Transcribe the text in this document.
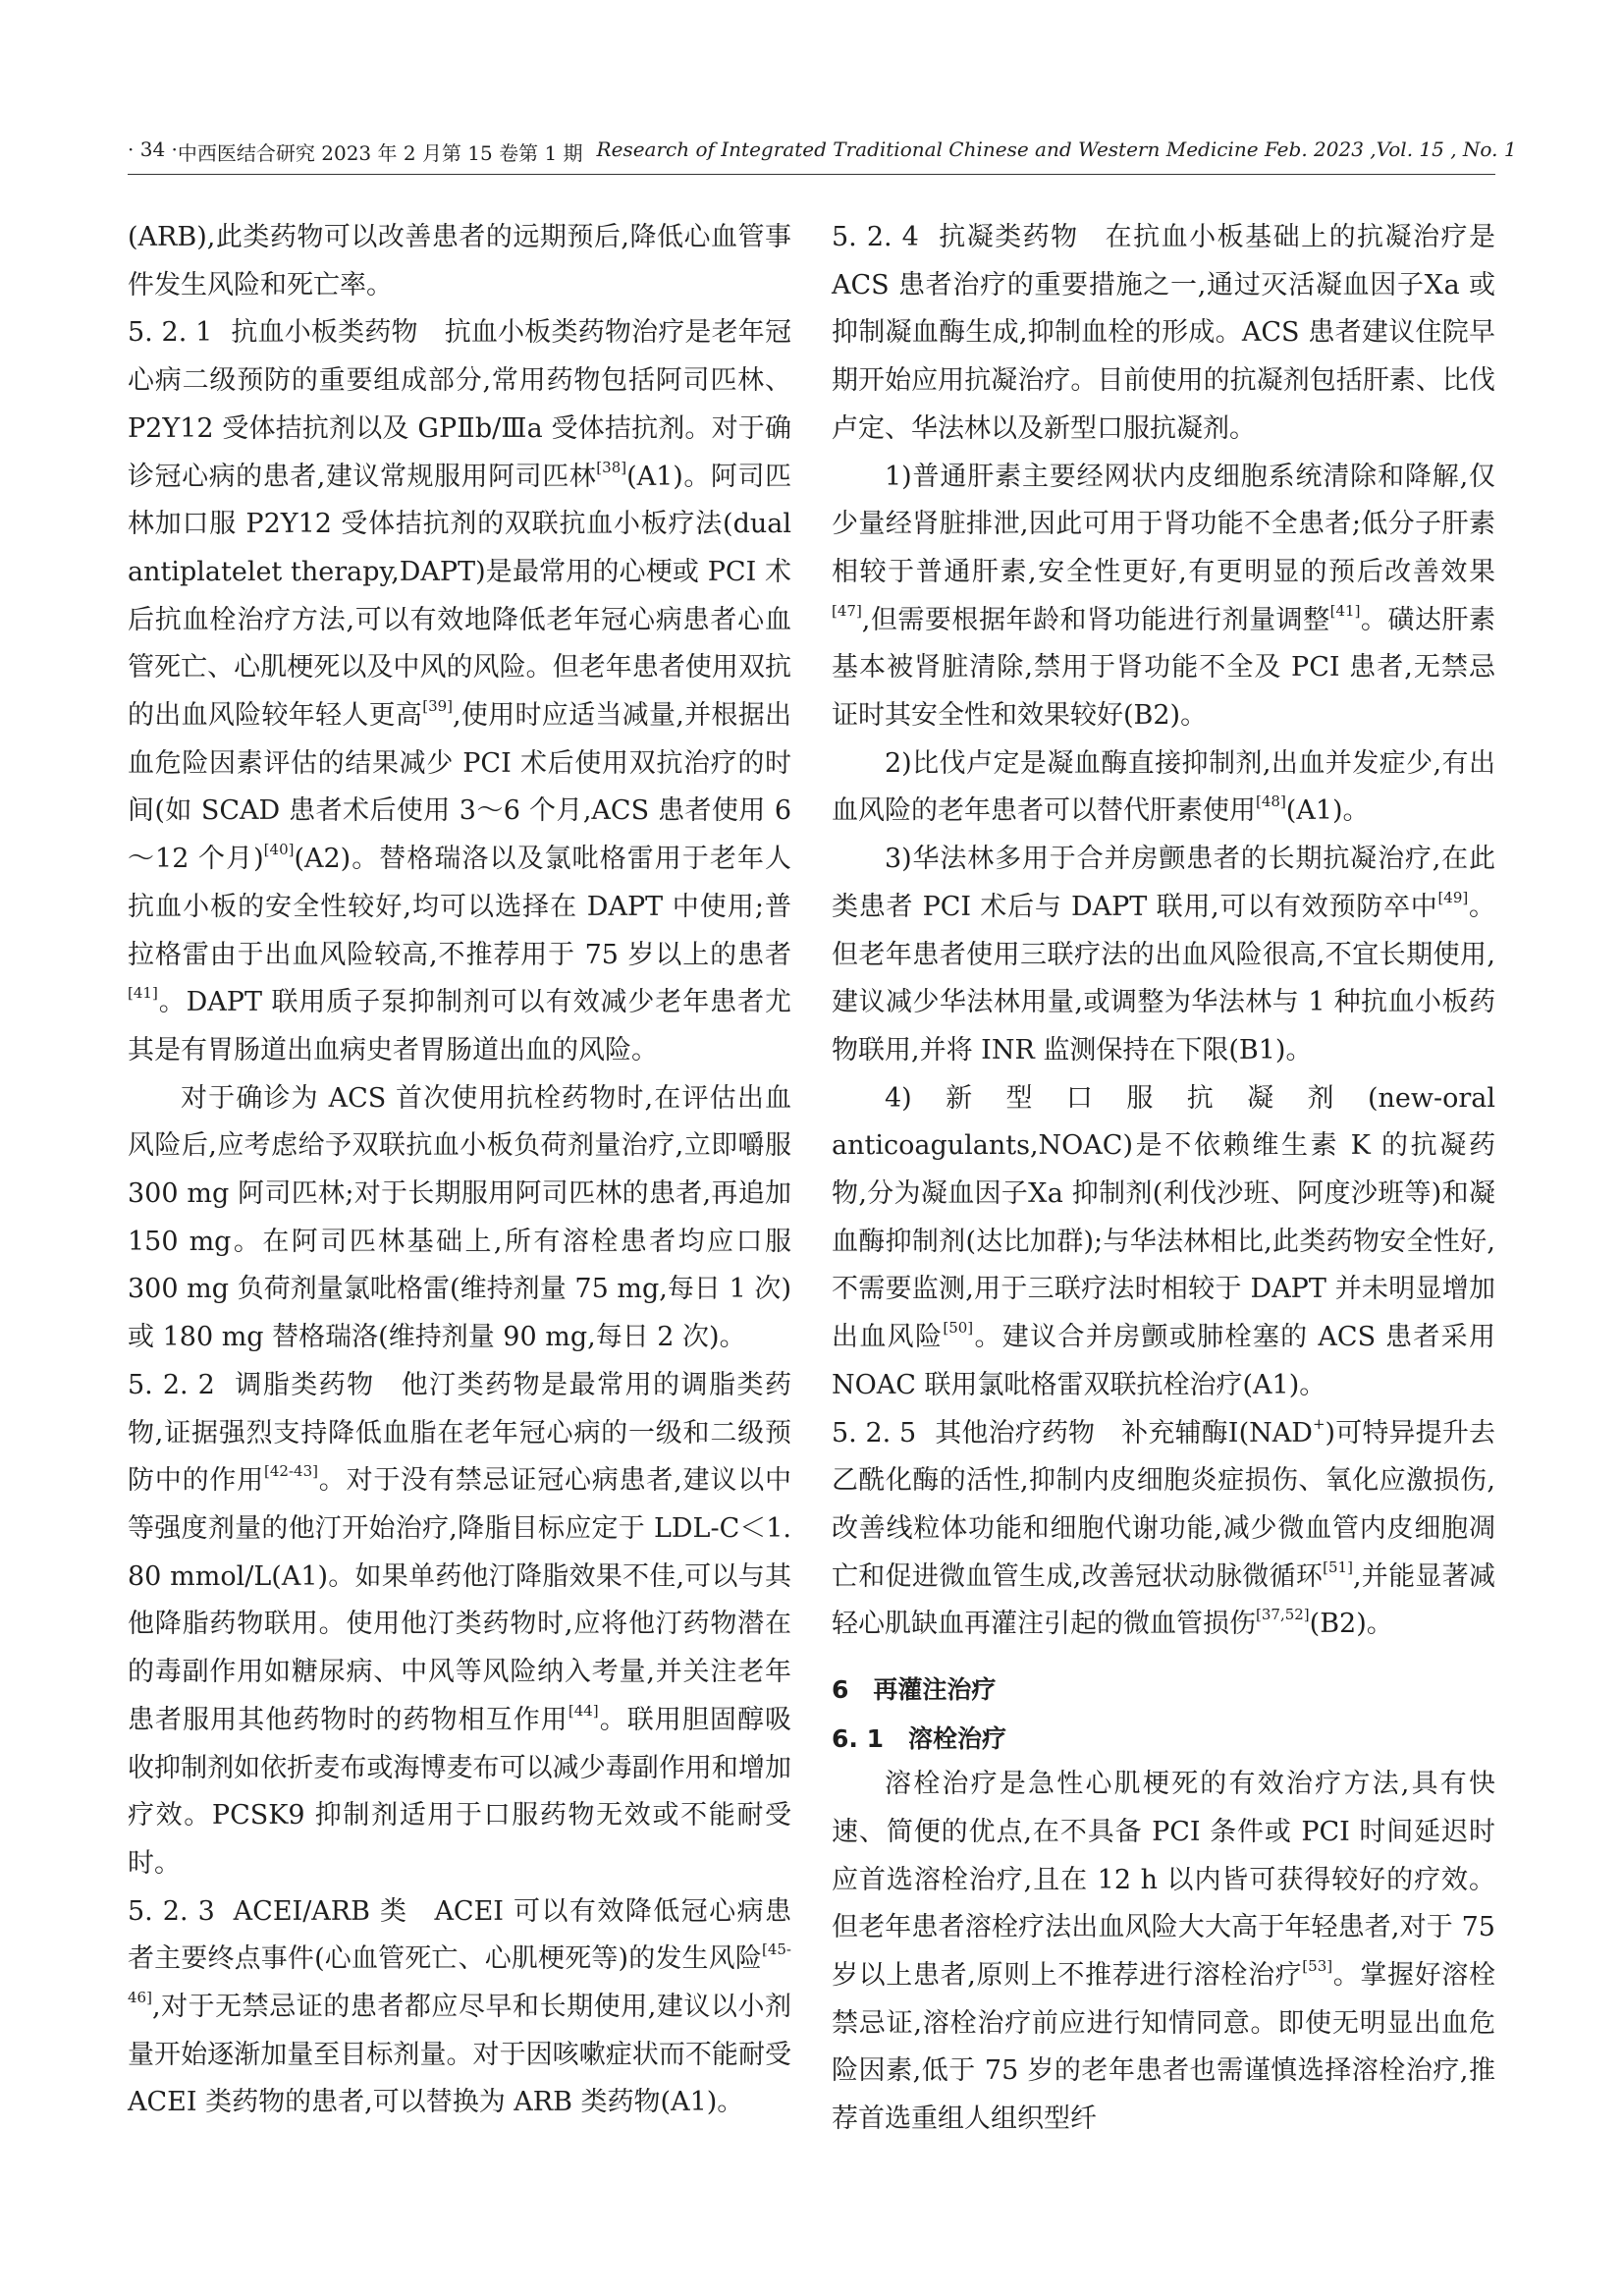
· 34 · 中西医结合研究 2023 年 2 月第 15 卷第 1 期 Research of Integrated Traditional Chinese and Western Medicine Feb. 2023 ,Vol. 15 , No. 1

(ARB),此类药物可以改善患者的远期预后,降低心血管事件发生风险和死亡率。

5. 2. 1 抗血小板类药物 抗血小板类药物治疗是老年冠心病二级预防的重要组成部分,常用药物包括阿司匹林、P2Y12 受体拮抗剂以及 GPⅡb/Ⅲa 受体拮抗剂。对于确诊冠心病的患者,建议常规服用阿司匹林[38](A1)。阿司匹林加口服 P2Y12 受体拮抗剂的双联抗血小板疗法(dual antiplatelet therapy,DAPT)是最常用的心梗或 PCI 术后抗血栓治疗方法,可以有效地降低老年冠心病患者心血管死亡、心肌梗死以及中风的风险。但老年患者使用双抗的出血风险较年轻人更高[39],使用时应适当减量,并根据出血危险因素评估的结果减少 PCI 术后使用双抗治疗的时间(如 SCAD 患者术后使用 3～6 个月,ACS 患者使用 6～12 个月)[40](A2)。替格瑞洛以及氯吡格雷用于老年人抗血小板的安全性较好,均可以选择在 DAPT 中使用;普拉格雷由于出血风险较高,不推荐用于 75 岁以上的患者[41]。DAPT 联用质子泵抑制剂可以有效减少老年患者尤其是有胃肠道出血病史者胃肠道出血的风险。

对于确诊为 ACS 首次使用抗栓药物时,在评估出血风险后,应考虑给予双联抗血小板负荷剂量治疗,立即嚼服 300 mg 阿司匹林;对于长期服用阿司匹林的患者,再追加 150 mg。在阿司匹林基础上,所有溶栓患者均应口服 300 mg 负荷剂量氯吡格雷(维持剂量 75 mg,每日 1 次)或 180 mg 替格瑞洛(维持剂量 90 mg,每日 2 次)。

5. 2. 2 调脂类药物 他汀类药物是最常用的调脂类药物,证据强烈支持降低血脂在老年冠心病的一级和二级预防中的作用[42-43]。对于没有禁忌证冠心病患者,建议以中等强度剂量的他汀开始治疗,降脂目标应定于 LDL-C＜1. 80 mmol/L(A1)。如果单药他汀降脂效果不佳,可以与其他降脂药物联用。使用他汀类药物时,应将他汀药物潜在的毒副作用如糖尿病、中风等风险纳入考量,并关注老年患者服用其他药物时的药物相互作用[44]。联用胆固醇吸收抑制剂如依折麦布或海博麦布可以减少毒副作用和增加疗效。PCSK9 抑制剂适用于口服药物无效或不能耐受时。

5. 2. 3 ACEI/ARB 类 ACEI 可以有效降低冠心病患者主要终点事件(心血管死亡、心肌梗死等)的发生风险[45-46],对于无禁忌证的患者都应尽早和长期使用,建议以小剂量开始逐渐加量至目标剂量。对于因咳嗽症状而不能耐受 ACEI 类药物的患者,可以替换为 ARB 类药物(A1)。

5. 2. 4 抗凝类药物 在抗血小板基础上的抗凝治疗是 ACS 患者治疗的重要措施之一,通过灭活凝血因子Ⅹa 或抑制凝血酶生成,抑制血栓的形成。ACS 患者建议住院早期开始应用抗凝治疗。目前使用的抗凝剂包括肝素、比伐卢定、华法林以及新型口服抗凝剂。

1)普通肝素主要经网状内皮细胞系统清除和降解,仅少量经肾脏排泄,因此可用于肾功能不全患者;低分子肝素相较于普通肝素,安全性更好,有更明显的预后改善效果[47],但需要根据年龄和肾功能进行剂量调整[41]。磺达肝素基本被肾脏清除,禁用于肾功能不全及 PCI 患者,无禁忌证时其安全性和效果较好(B2)。

2)比伐卢定是凝血酶直接抑制剂,出血并发症少,有出血风险的老年患者可以替代肝素使用[48](A1)。

3)华法林多用于合并房颤患者的长期抗凝治疗,在此类患者 PCI 术后与 DAPT 联用,可以有效预防卒中[49]。但老年患者使用三联疗法的出血风险很高,不宜长期使用,建议减少华法林用量,或调整为华法林与 1 种抗血小板药物联用,并将 INR 监测保持在下限(B1)。

4)新型口服抗凝剂(new-oral anticoagulants,NOAC)是不依赖维生素 K 的抗凝药物,分为凝血因子Ⅹa 抑制剂(利伐沙班、阿度沙班等)和凝血酶抑制剂(达比加群);与华法林相比,此类药物安全性好,不需要监测,用于三联疗法时相较于 DAPT 并未明显增加出血风险[50]。建议合并房颤或肺栓塞的 ACS 患者采用 NOAC 联用氯吡格雷双联抗栓治疗(A1)。

5. 2. 5 其他治疗药物 补充辅酶Ⅰ(NAD+)可特异提升去乙酰化酶的活性,抑制内皮细胞炎症损伤、氧化应激损伤,改善线粒体功能和细胞代谢功能,减少微血管内皮细胞凋亡和促进微血管生成,改善冠状动脉微循环[51],并能显著减轻心肌缺血再灌注引起的微血管损伤[37,52](B2)。

6　再灌注治疗
6. 1　溶栓治疗

溶栓治疗是急性心肌梗死的有效治疗方法,具有快速、简便的优点,在不具备 PCI 条件或 PCI 时间延迟时应首选溶栓治疗,且在 12 h 以内皆可获得较好的疗效。但老年患者溶栓疗法出血风险大大高于年轻患者,对于 75 岁以上患者,原则上不推荐进行溶栓治疗[53]。掌握好溶栓禁忌证,溶栓治疗前应进行知情同意。即使无明显出血危险因素,低于 75 岁的老年患者也需谨慎选择溶栓治疗,推荐首选重组人组织型纤
